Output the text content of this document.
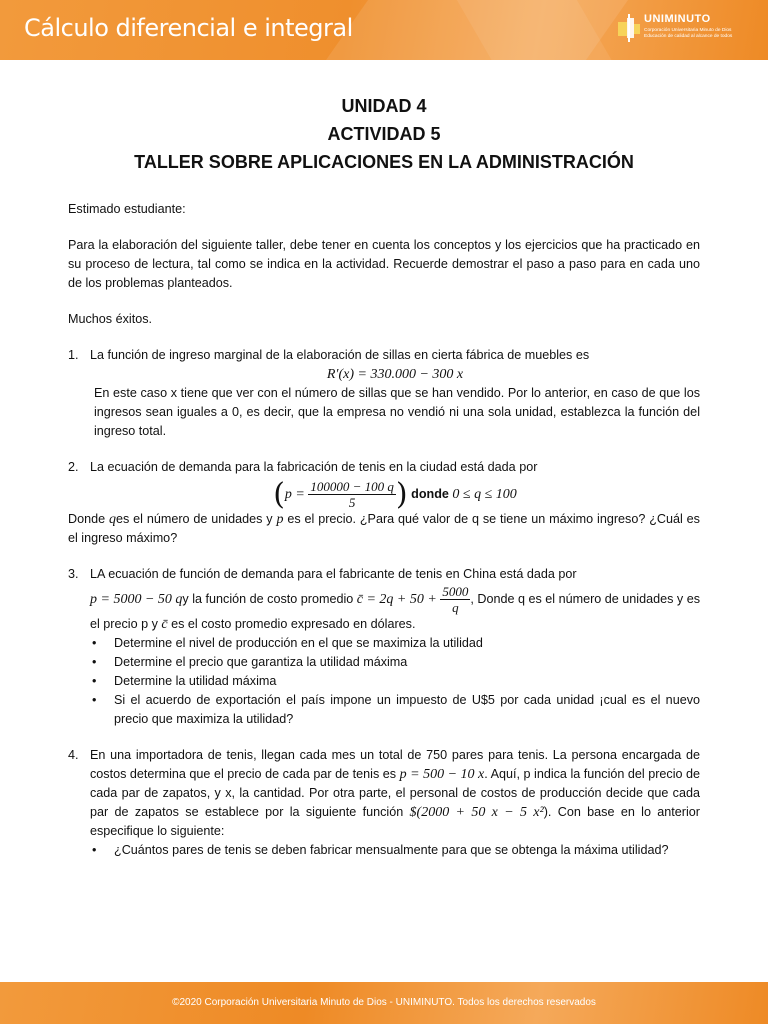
Cálculo diferencial e integral	UNIMINUTO
Corporación Universitaria Minuto de Dios
Educación de calidad al alcance de todos
UNIDAD 4
ACTIVIDAD 5
TALLER SOBRE APLICACIONES EN LA ADMINISTRACIÓN

Estimado estudiante:

Para la elaboración del siguiente taller, debe tener en cuenta los conceptos y los ejercicios que ha practicado en su proceso de lectura, tal como se indica en la actividad. Recuerde demostrar el paso a paso para en cada uno de los problemas planteados.

Muchos éxitos.

1. La función de ingreso marginal de la elaboración de sillas en cierta fábrica de muebles es
R′(x) = 330.000 − 300 x
En este caso x tiene que ver con el número de sillas que se han vendido. Por lo anterior, en caso de que los ingresos sean iguales a 0, es decir, que la empresa no vendió ni una sola unidad, establezca la función del ingreso total.
2. La ecuación de demanda para la fabricación de tenis en la ciudad está dada por
($p = \frac{100000 - 100 q}{5}$ ) donde 0 ≤ q ≤ 100
Donde qes el número de unidades y p es el precio. ¿Para qué valor de q se tiene un máximo ingreso? ¿Cuál es el ingreso máximo?
3. LA ecuación de función de demanda para el fabricante de tenis en China está dada por
p = 5000 − 50 qy la función de costo promedio c̄ = $2q + 50 + \frac{5000}{q}$ , Donde q es el número de unidades y es el precio p y c̄ es el costo promedio expresado en dólares.
• Determine el nivel de producción en el que se maximiza la utilidad
• Determine el precio que garantiza la utilidad máxima
• Determine la utilidad máxima
• Si el acuerdo de exportación el país impone un impuesto de U$5 por cada unidad ¡cual es el nuevo precio que maximiza la utilidad?
4. En una importadora de tenis, llegan cada mes un total de 750 pares para tenis. La persona encargada de costos determina que el precio de cada par de tenis es p = 500 − 10 x. Aquí, p indica la función del precio de cada par de zapatos, y x, la cantidad. Por otra parte, el personal de costos de producción decide que cada par de zapatos se establece por la siguiente función $(2000 + 50 x − 5 x²). Con base en lo anterior especifique lo siguiente:
• ¿Cuántos pares de tenis se deben fabricar mensualmente para que se obtenga la máxima utilidad?
©2020 Corporación Universitaria Minuto de Dios - UNIMINUTO. Todos los derechos reservados
